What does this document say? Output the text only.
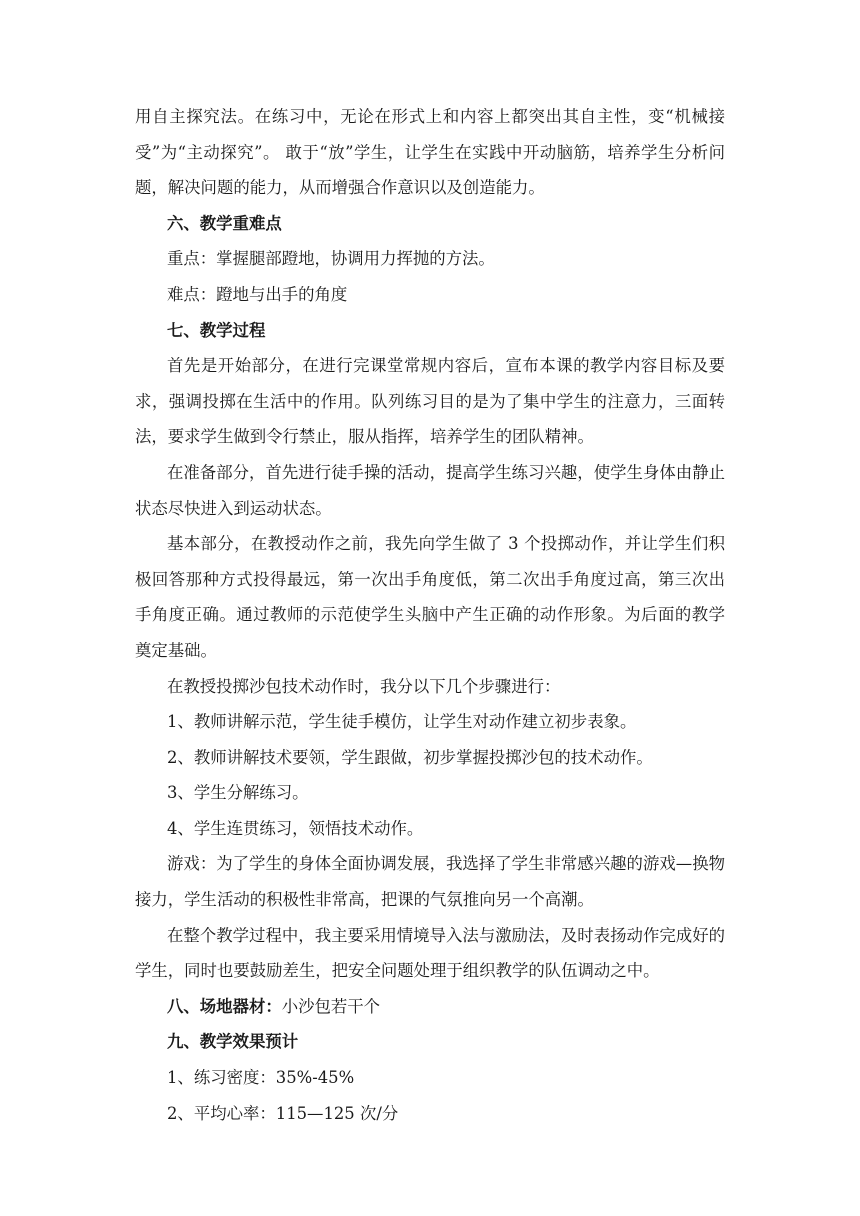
用自主探究法。在练习中，无论在形式上和内容上都突出其自主性，变“机械接受”为“主动探究”。 敢于“放”学生，让学生在实践中开动脑筋，培养学生分析问题，解决问题的能力，从而增强合作意识以及创造能力。

六、教学重难点

重点：掌握腿部蹬地，协调用力挥抛的方法。

难点：蹬地与出手的角度

七、教学过程

首先是开始部分，在进行完课堂常规内容后，宣布本课的教学内容目标及要求，强调投掷在生活中的作用。队列练习目的是为了集中学生的注意力，三面转法，要求学生做到令行禁止，服从指挥，培养学生的团队精神。

在准备部分，首先进行徒手操的活动，提高学生练习兴趣，使学生身体由静止状态尽快进入到运动状态。

基本部分，在教授动作之前，我先向学生做了 3 个投掷动作，并让学生们积极回答那种方式投得最远，第一次出手角度低，第二次出手角度过高，第三次出手角度正确。通过教师的示范使学生头脑中产生正确的动作形象。为后面的教学奠定基础。

在教授投掷沙包技术动作时，我分以下几个步骤进行：

1、教师讲解示范，学生徒手模仿，让学生对动作建立初步表象。

2、教师讲解技术要领，学生跟做，初步掌握投掷沙包的技术动作。

3、学生分解练习。

4、学生连贯练习，领悟技术动作。

游戏：为了学生的身体全面协调发展，我选择了学生非常感兴趣的游戏—换物接力，学生活动的积极性非常高，把课的气氛推向另一个高潮。

在整个教学过程中，我主要采用情境导入法与激励法，及时表扬动作完成好的学生，同时也要鼓励差生，把安全问题处理于组织教学的队伍调动之中。

八、场地器材：小沙包若干个

九、教学效果预计

1、练习密度：35%-45%

2、平均心率：115—125 次/分
